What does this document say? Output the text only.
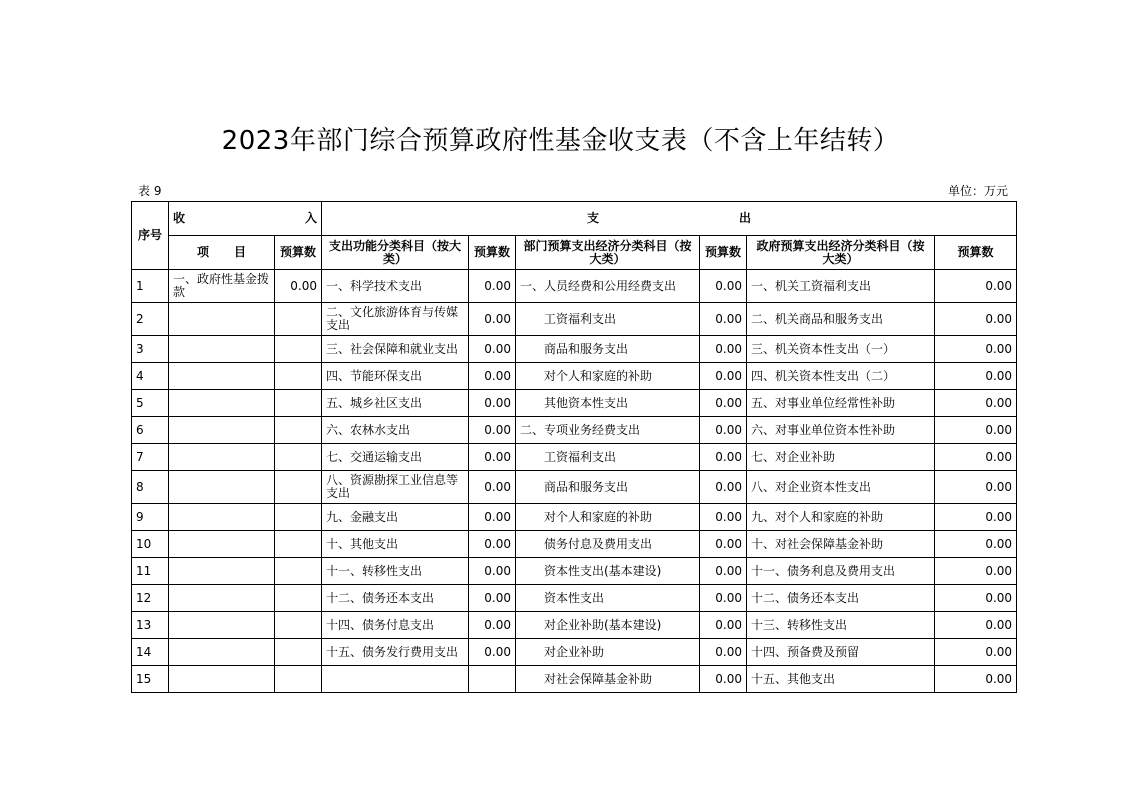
2023年部门综合预算政府性基金收支表（不含上年结转）
表 9	单位：万元
序号	收 入		支 出					

	项 目	预算数	支出功能分类科目（按大类）	预算数	部门预算支出经济分类科目（按大类）	预算数	政府预算支出经济分类科目（按大类）	预算数
1	一、政府性基金拨款	0.00	一、科学技术支出	0.00	一、人员经费和公用经费支出	0.00	一、机关工资福利支出	0.00
2			二、文化旅游体育与传媒支出	0.00	工资福利支出	0.00	二、机关商品和服务支出	0.00
3			三、社会保障和就业支出	0.00	商品和服务支出	0.00	三、机关资本性支出（一）	0.00
4			四、节能环保支出	0.00	对个人和家庭的补助	0.00	四、机关资本性支出（二）	0.00
5			五、城乡社区支出	0.00	其他资本性支出	0.00	五、对事业单位经常性补助	0.00
6			六、农林水支出	0.00	二、专项业务经费支出	0.00	六、对事业单位资本性补助	0.00
7			七、交通运输支出	0.00	工资福利支出	0.00	七、对企业补助	0.00
8			八、资源勘探工业信息等支出	0.00	商品和服务支出	0.00	八、对企业资本性支出	0.00
9			九、金融支出	0.00	对个人和家庭的补助	0.00	九、对个人和家庭的补助	0.00
10			十、其他支出	0.00	债务付息及费用支出	0.00	十、对社会保障基金补助	0.00
11			十一、转移性支出	0.00	资本性支出(基本建设)	0.00	十一、债务利息及费用支出	0.00
12			十二、债务还本支出	0.00	资本性支出	0.00	十二、债务还本支出	0.00
13			十四、债务付息支出	0.00	对企业补助(基本建设)	0.00	十三、转移性支出	0.00
14			十五、债务发行费用支出	0.00	对企业补助	0.00	十四、预备费及预留	0.00
15					对社会保障基金补助	0.00	十五、其他支出	0.00
